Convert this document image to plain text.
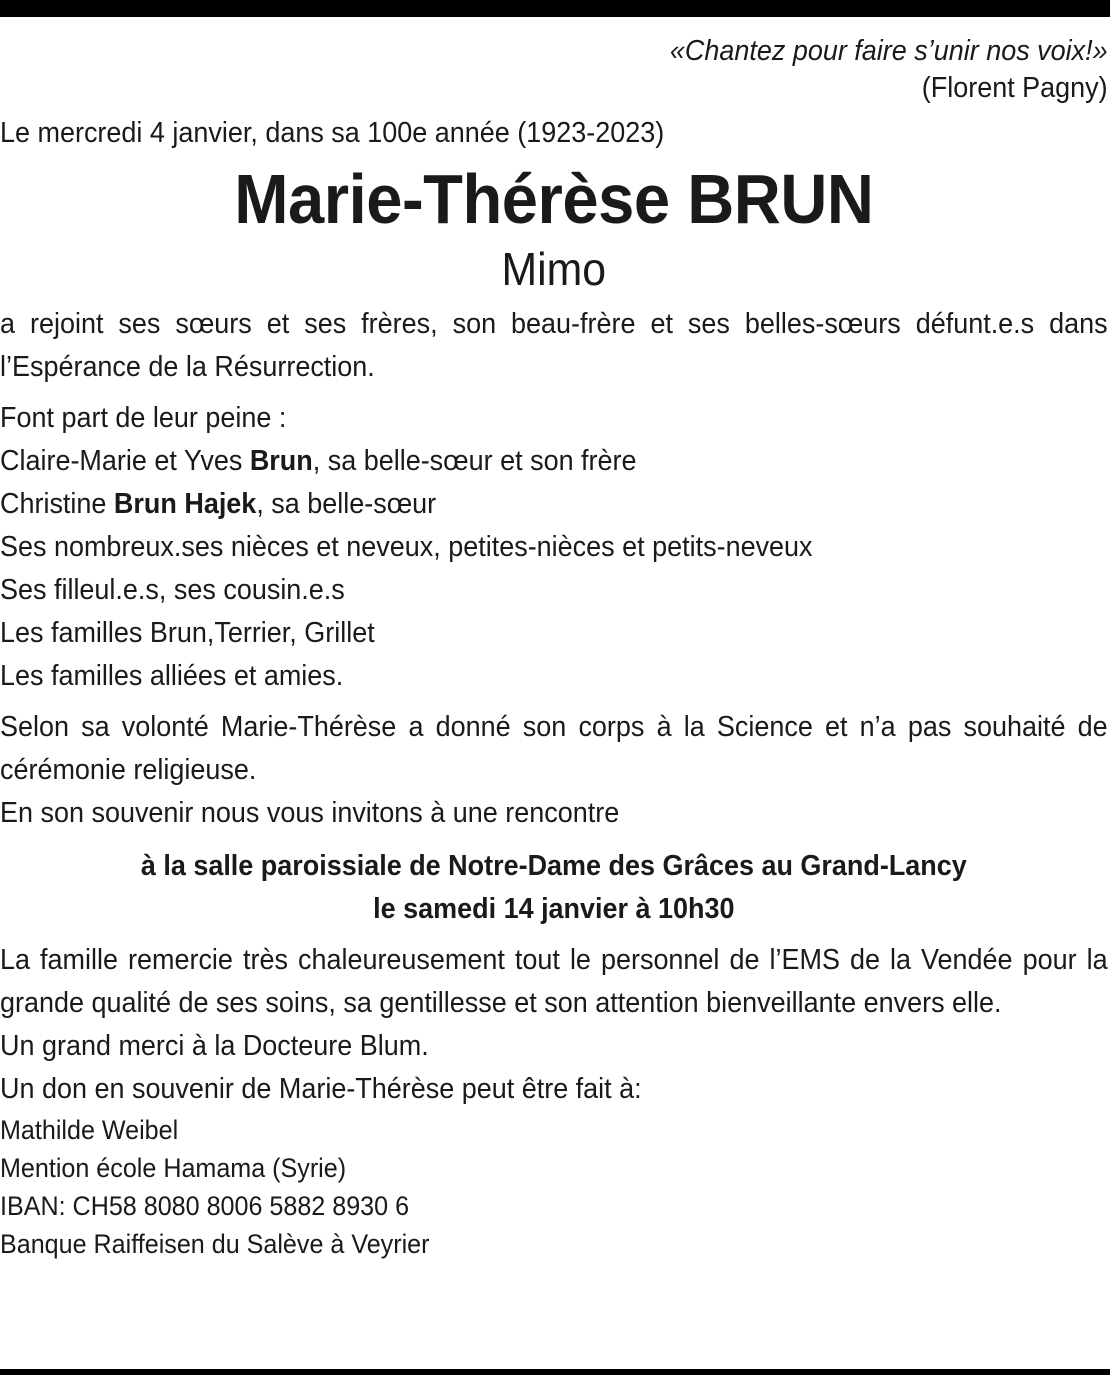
«Chantez pour faire s’unir nos voix!»

(Florent Pagny)

Le mercredi 4 janvier, dans sa 100e année (1923-2023)

Marie-Thérèse BRUN

Mimo

a rejoint ses sœurs et ses frères, son beau-frère et ses belles-sœurs défunt.e.s dans l’Espérance de la Résurrection.

Font part de leur peine :
Claire-Marie et Yves Brun, sa belle-sœur et son frère
Christine Brun Hajek, sa belle-sœur
Ses nombreux.ses nièces et neveux, petites-nièces et petits-neveux
Ses filleul.e.s, ses cousin.e.s
Les familles Brun,Terrier, Grillet
Les familles alliées et amies.

Selon sa volonté Marie-Thérèse a donné son corps à la Science et n’a pas souhaité de cérémonie religieuse.

En son souvenir nous vous invitons à une rencontre
à la salle paroissiale de Notre-Dame des Grâces au Grand-Lancy
le samedi 14 janvier à 10h30

La famille remercie très chaleureusement tout le personnel de l’EMS de la Vendée pour la grande qualité de ses soins, sa gentillesse et son attention bienveillante envers elle.

Un grand merci à la Docteure Blum.
Un don en souvenir de Marie-Thérèse peut être fait à:
Mathilde Weibel
Mention école Hamama (Syrie)
IBAN: CH58 8080 8006 5882 8930 6
Banque Raiffeisen du Salève à Veyrier
